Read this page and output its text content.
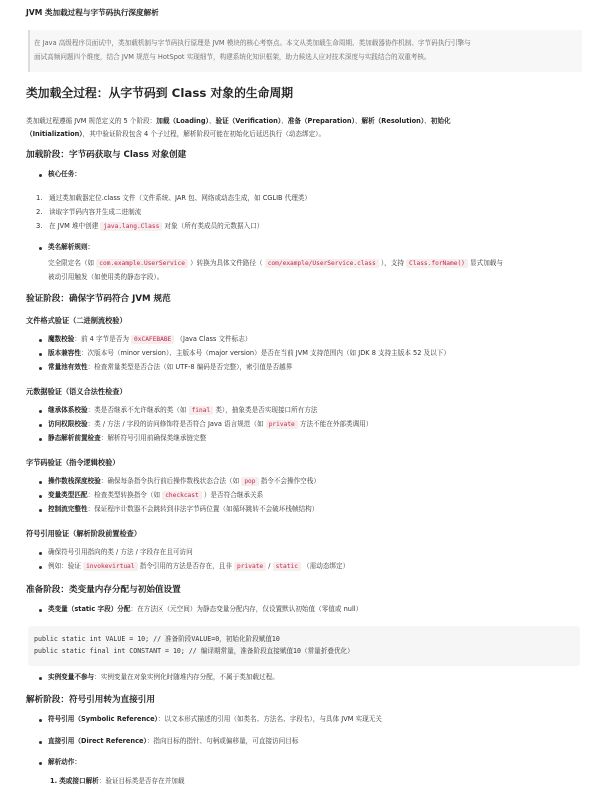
JVM 类加载过程与字节码执行深度解析
在 Java 高级程序员面试中，类加载机制与字节码执行原理是 JVM 模块的核心考察点。本文从类加载生命周期、类加载器协作机制、字节码执行引擎与
面试高频问题四个维度，结合 JVM 规范与 HotSpot 实现细节，构建系统化知识框架，助力候选人应对技术深度与实践结合的双重考核。
类加载全过程：从字节码到 Class 对象的生命周期
类加载过程遵循 JVM 规范定义的 5 个阶段：加载（Loading）、验证（Verification）、准备（Preparation）、解析（Resolution）、初始化
（Initialization），其中验证阶段包含 4 个子过程，解析阶段可能在初始化后延迟执行（动态绑定）。
加载阶段：字节码获取与 Class 对象创建
核心任务：
1. 通过类加载器定位.class 文件（文件系统、JAR 包、网络或动态生成，如 CGLIB 代理类）
2. 读取字节码内容并生成二进制流
3. 在 JVM 堆中创建 java.lang.Class 对象（所有类成员的元数据入口）
类名解析规则：
完全限定名（如 com.example.UserService ）转换为具体文件路径（ com/example/UserService.class ），支持 Class.forName() 显式加载与
被动引用触发（如使用类的静态字段）。
验证阶段：确保字节码符合 JVM 规范
文件格式验证（二进制流校验）
魔数校验：前 4 字节是否为 0xCAFEBABE （Java Class 文件标志）
版本兼容性：次版本号（minor version）、主版本号（major version）是否在当前 JVM 支持范围内（如 JDK 8 支持主版本 52 及以下）
常量池有效性：检查常量类型是否合法（如 UTF-8 编码是否完整），索引值是否越界
元数据验证（语义合法性检查）
继承体系校验：类是否继承不允许继承的类（如 final 类），抽象类是否实现接口所有方法
访问权限校验：类 / 方法 / 字段的访问修饰符是否符合 Java 语言规范（如 private 方法不能在外部类调用）
静态解析前置检查：解析符号引用前确保类继承链完整
字节码验证（指令逻辑校验）
操作数栈深度校验：确保每条指令执行前后操作数栈状态合法（如 pop 指令不会操作空栈）
变量类型匹配：检查类型转换指令（如 checkcast ）是否符合继承关系
控制流完整性：保证程序计数器不会跳转到非法字节码位置（如循环跳转不会破坏栈帧结构）
符号引用验证（解析阶段前置检查）
确保符号引用指向的类 / 方法 / 字段存在且可访问
例如：验证 invokevirtual 指令引用的方法是否存在，且非 private / static （需动态绑定）
准备阶段：类变量内存分配与初始值设置
类变量（static 字段）分配：在方法区（元空间）为静态变量分配内存，仅设置默认初始值（零值或 null）
public static int VALUE = 10; // 准备阶段VALUE=0，初始化阶段赋值10
public static final int CONSTANT = 10; // 编译期常量，准备阶段直接赋值10（常量折叠优化）
实例变量不参与：实例变量在对象实例化时随堆内存分配，不属于类加载过程。
解析阶段：符号引用转为直接引用
符号引用（Symbolic Reference）：以文本形式描述的引用（如类名、方法名、字段名），与具体 JVM 实现无关
直接引用（Direct Reference）：指向目标的指针、句柄或偏移量，可直接访问目标
解析动作：
1. 类或接口解析：验证目标类是否存在并加载
